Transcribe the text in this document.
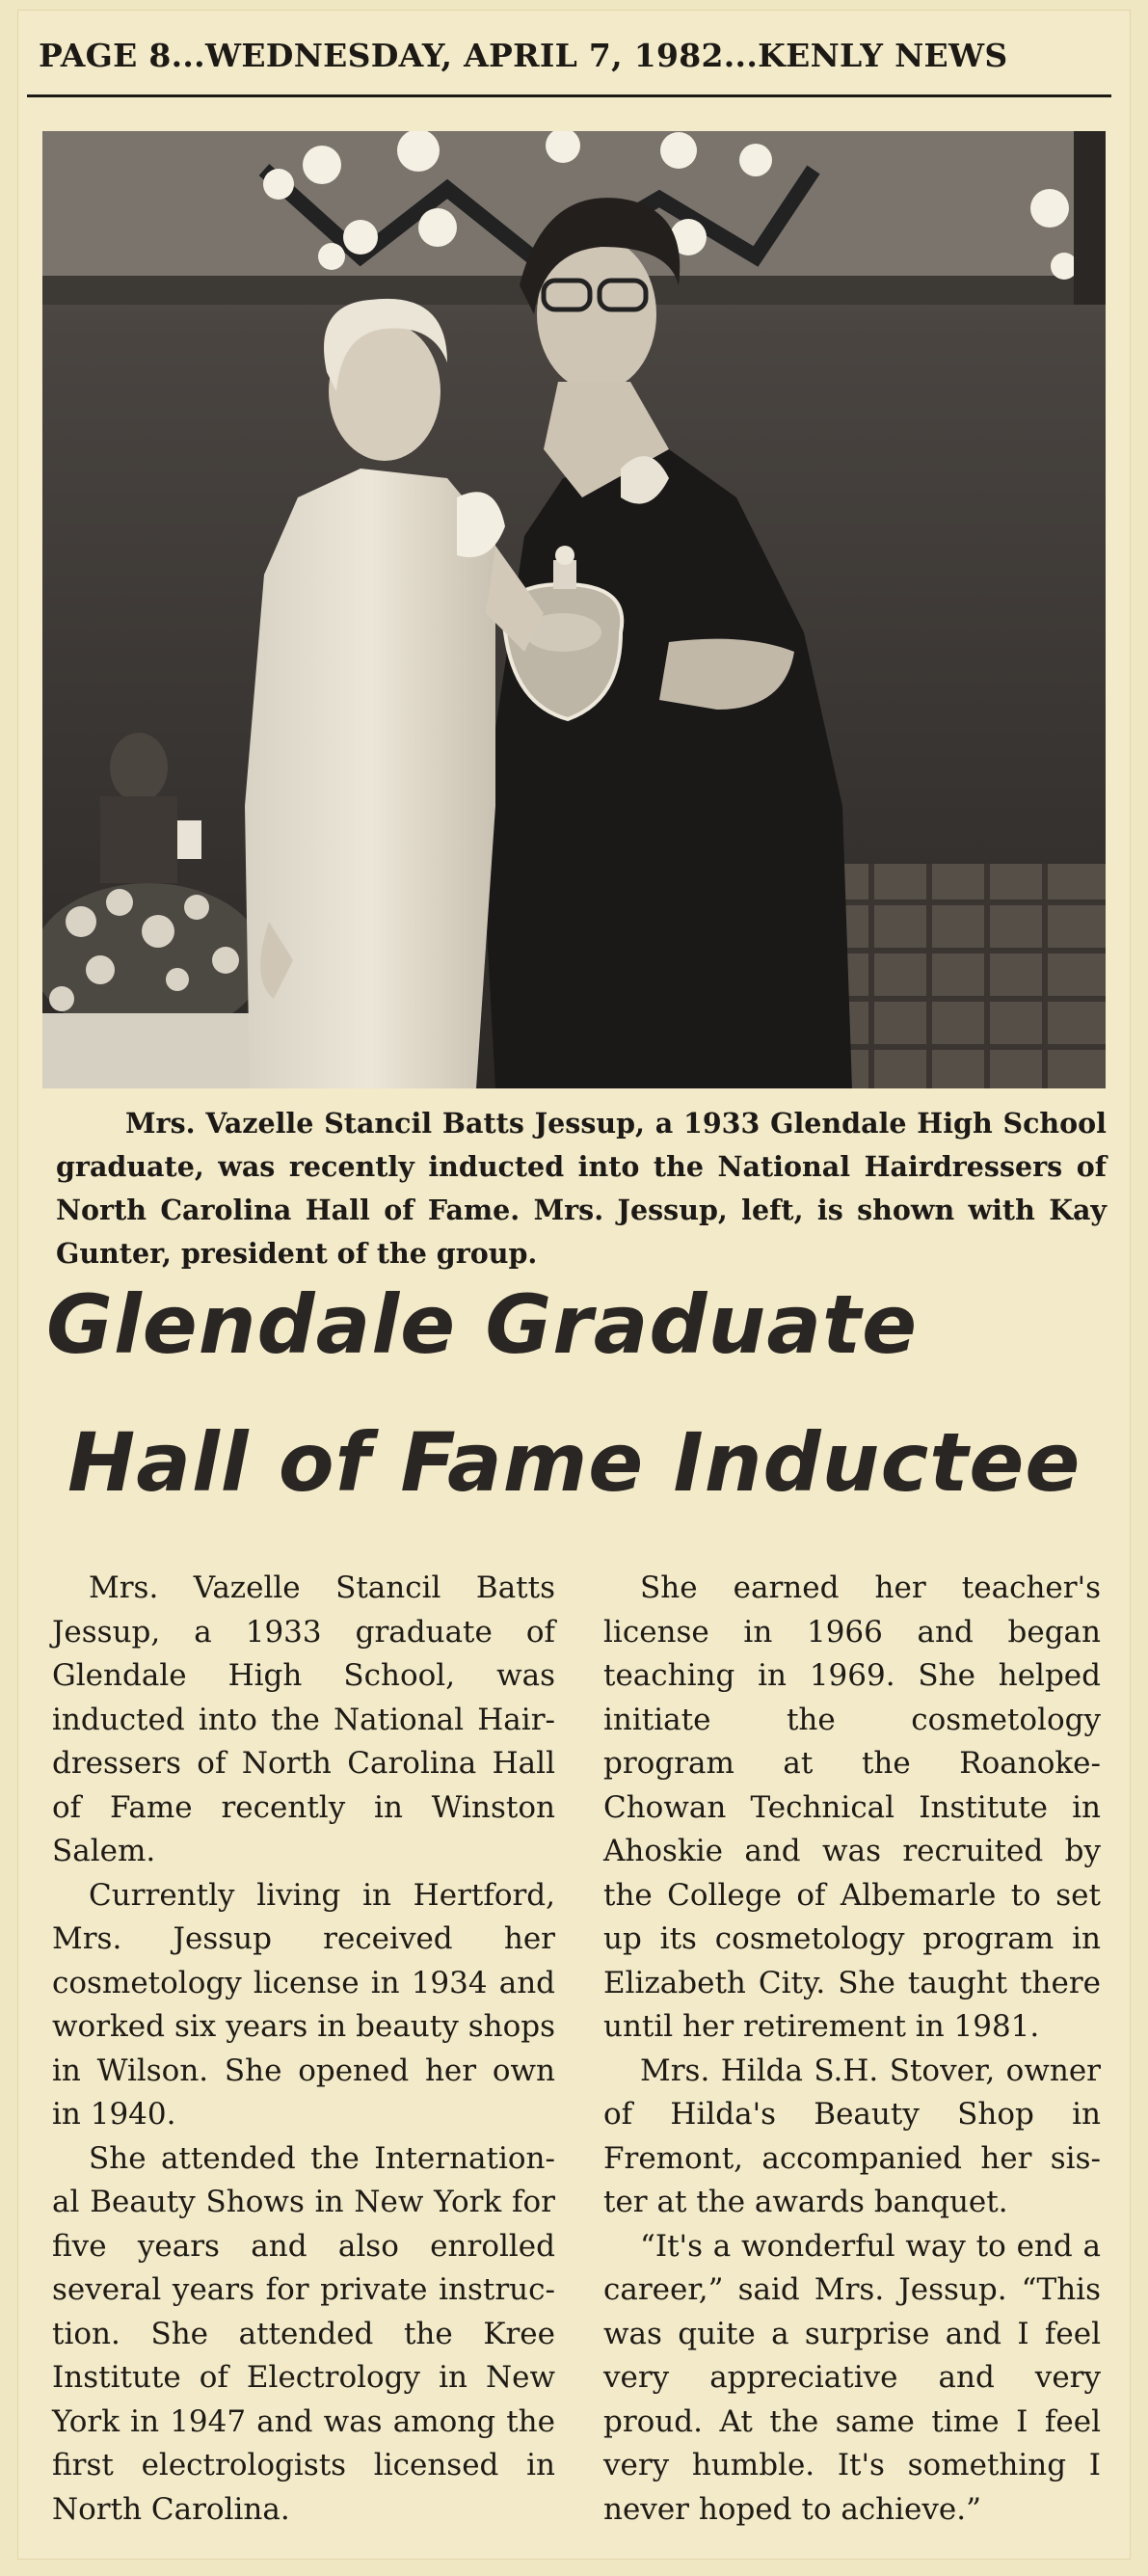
PAGE 8...WEDNESDAY, APRIL 7, 1982...KENLY NEWS
Mrs. Vazelle Stancil Batts Jessup, a 1933 Glendale High School graduate, was recently inducted into the National Hairdressers of North Carolina Hall of Fame. Mrs. Jessup, left, is shown with Kay Gunter, president of the group.
Glendale Graduate
Hall of Fame Inductee

Mrs. Vazelle Stancil Batts Jessup, a 1933 graduate of Glendale High School, was inducted into the National Hairdressers of North Carolina Hall of Fame recently in Winston Salem.

Currently living in Hertford, Mrs. Jessup received her cosmetology license in 1934 and worked six years in beauty shops in Wilson. She opened her own in 1940.

She attended the International Beauty Shows in New York for five years and also enrolled several years for private instruction. She attended the Kree Institute of Electrology in New York in 1947 and was among the first electrologists licensed in North Carolina.

She earned her teacher's license in 1966 and began teaching in 1969. She helped initiate the cosmetology program at the Roanoke-Chowan Technical Institute in Ahoskie and was recruited by the College of Albemarle to set up its cosmetology program in Elizabeth City. She taught there until her retirement in 1981.

Mrs. Hilda S.H. Stover, owner of Hilda's Beauty Shop in Fremont, accompanied her sister at the awards banquet.

“It's a wonderful way to end a career,” said Mrs. Jessup. “This was quite a surprise and I feel very appreciative and very proud. At the same time I feel very humble. It's something I never hoped to achieve.”
